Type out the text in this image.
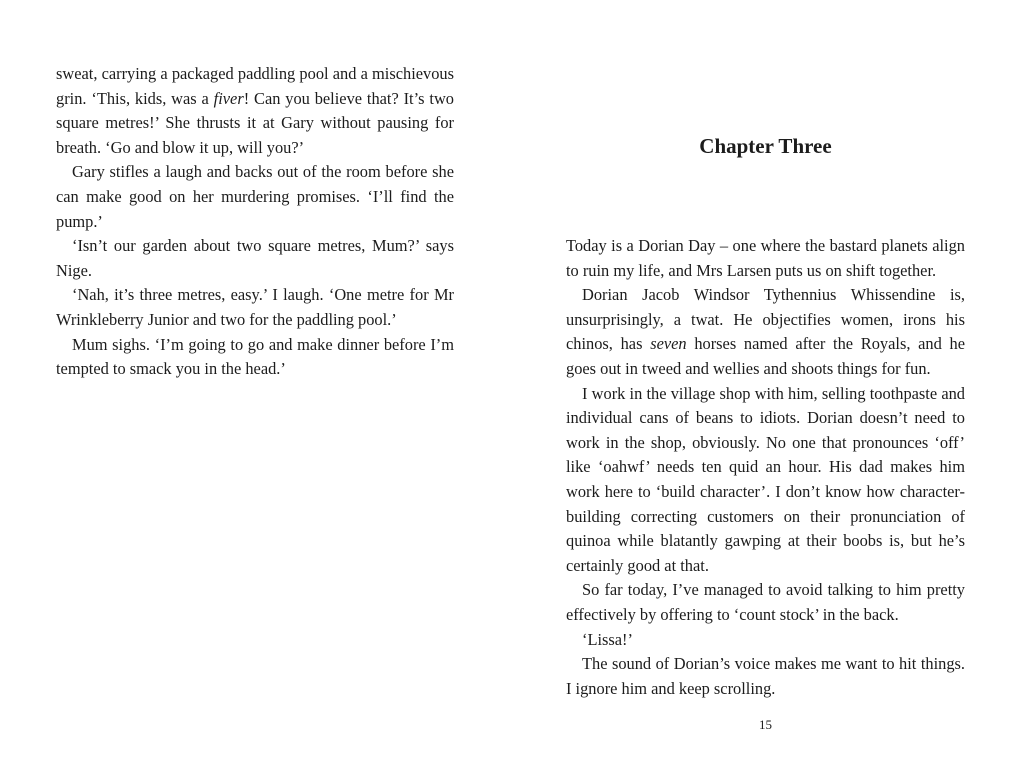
sweat, carrying a packaged paddling pool and a mischievous grin. ‘This, kids, was a fiver! Can you believe that? It’s two square metres!’ She thrusts it at Gary without pausing for breath. ‘Go and blow it up, will you?’

Gary stifles a laugh and backs out of the room before she can make good on her murdering promises. ‘I’ll find the pump.’

‘Isn’t our garden about two square metres, Mum?’ says Nige.

‘Nah, it’s three metres, easy.’ I laugh. ‘One metre for Mr Wrinkleberry Junior and two for the paddling pool.’

Mum sighs. ‘I’m going to go and make dinner before I’m tempted to smack you in the head.’

Chapter Three

Today is a Dorian Day – one where the bastard planets align to ruin my life, and Mrs Larsen puts us on shift together.

Dorian Jacob Windsor Tythennius Whissendine is, unsurprisingly, a twat. He objectifies women, irons his chinos, has seven horses named after the Royals, and he goes out in tweed and wellies and shoots things for fun.

I work in the village shop with him, selling toothpaste and individual cans of beans to idiots. Dorian doesn’t need to work in the shop, obviously. No one that pronounces ‘off’ like ‘oahwf’ needs ten quid an hour. His dad makes him work here to ‘build character’. I don’t know how character-building correcting customers on their pronunciation of quinoa while blatantly gawping at their boobs is, but he’s certainly good at that.

So far today, I’ve managed to avoid talking to him pretty effectively by offering to ‘count stock’ in the back.

‘Lissa!’

The sound of Dorian’s voice makes me want to hit things. I ignore him and keep scrolling.

15
